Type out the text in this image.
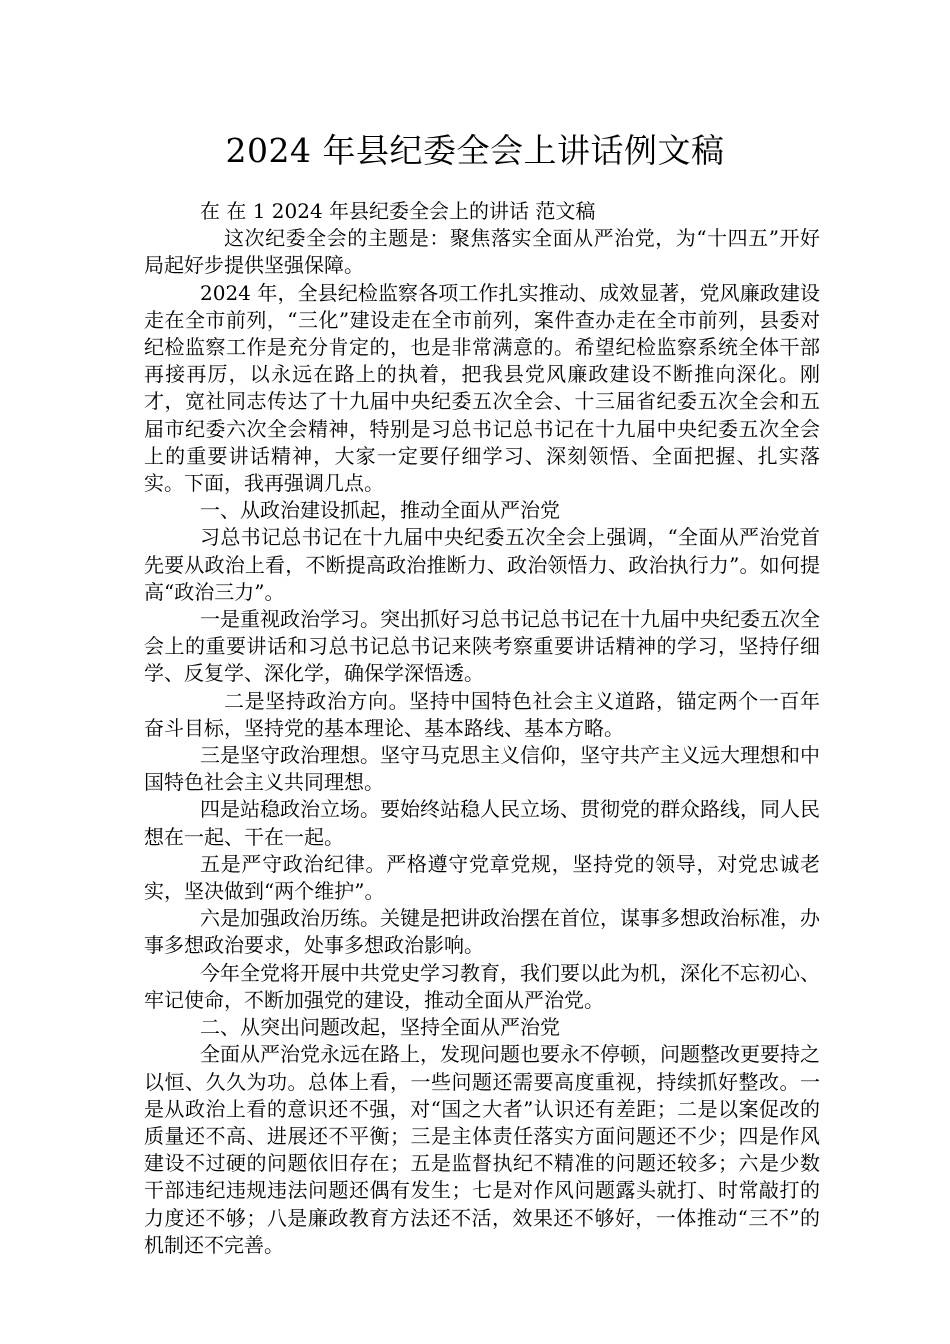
2024 年县纪委全会上讲话例文稿

在 在 1 2024 年县纪委全会上的讲话 范文稿

这次纪委全会的主题是：聚焦落实全面从严治党，为“十四五”开好局起好步提供坚强保障。

2024 年，全县纪检监察各项工作扎实推动、成效显著，党风廉政建设走在全市前列，“三化”建设走在全市前列，案件查办走在全市前列，县委对纪检监察工作是充分肯定的，也是非常满意的。希望纪检监察系统全体干部再接再厉，以永远在路上的执着，把我县党风廉政建设不断推向深化。刚才，宽社同志传达了十九届中央纪委五次全会、十三届省纪委五次全会和五届市纪委六次全会精神，特别是习总书记总书记在十九届中央纪委五次全会上的重要讲话精神，大家一定要仔细学习、深刻领悟、全面把握、扎实落实。下面，我再强调几点。

一、从政治建设抓起，推动全面从严治党

习总书记总书记在十九届中央纪委五次全会上强调，“全面从严治党首先要从政治上看，不断提高政治推断力、政治领悟力、政治执行力”。如何提高“政治三力”。

一是重视政治学习。突出抓好习总书记总书记在十九届中央纪委五次全会上的重要讲话和习总书记总书记来陕考察重要讲话精神的学习，坚持仔细学、反复学、深化学，确保学深悟透。

二是坚持政治方向。坚持中国特色社会主义道路，锚定两个一百年奋斗目标，坚持党的基本理论、基本路线、基本方略。

三是坚守政治理想。坚守马克思主义信仰，坚守共产主义远大理想和中国特色社会主义共同理想。

四是站稳政治立场。要始终站稳人民立场、贯彻党的群众路线，同人民想在一起、干在一起。

五是严守政治纪律。严格遵守党章党规，坚持党的领导，对党忠诚老实，坚决做到“两个维护”。

六是加强政治历练。关键是把讲政治摆在首位，谋事多想政治标准，办事多想政治要求，处事多想政治影响。

今年全党将开展中共党史学习教育，我们要以此为机，深化不忘初心、牢记使命，不断加强党的建设，推动全面从严治党。

二、从突出问题改起，坚持全面从严治党

全面从严治党永远在路上，发现问题也要永不停顿，问题整改更要持之以恒、久久为功。总体上看，一些问题还需要高度重视，持续抓好整改。一是从政治上看的意识还不强，对“国之大者”认识还有差距；二是以案促改的质量还不高、进展还不平衡；三是主体责任落实方面问题还不少；四是作风建设不过硬的问题依旧存在；五是监督执纪不精准的问题还较多；六是少数干部违纪违规违法问题还偶有发生；七是对作风问题露头就打、时常敲打的力度还不够；八是廉政教育方法还不活，效果还不够好，一体推动“三不”的机制还不完善。
